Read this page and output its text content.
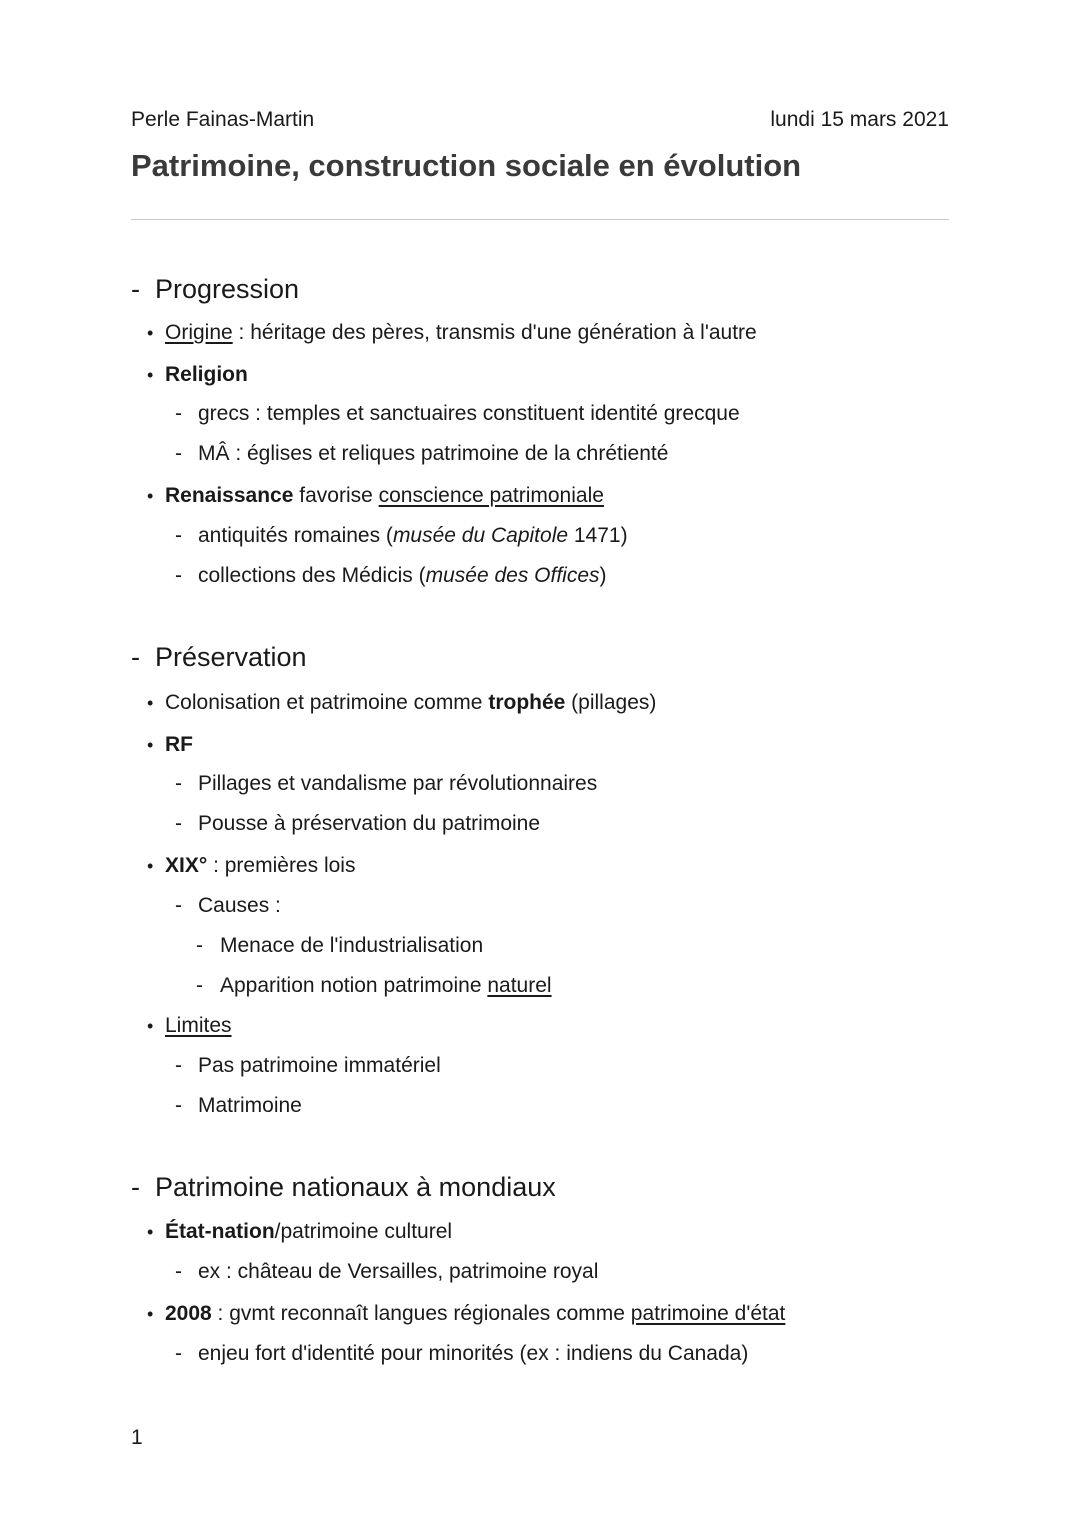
Perle Fainas-Martin	lundi 15 mars 2021
Patrimoine, construction sociale en évolution
- Progression
• Origine : héritage des pères, transmis d'une génération à l'autre
• Religion
- grecs : temples et sanctuaires constituent identité grecque
- MÂ : églises et reliques patrimoine de la chrétienté
• Renaissance favorise conscience patrimoniale
- antiquités romaines (musée du Capitole 1471)
- collections des Médicis (musée des Offices)
- Préservation
• Colonisation et patrimoine comme trophée (pillages)
• RF
- Pillages et vandalisme par révolutionnaires
- Pousse à préservation du patrimoine
• XIX° : premières lois
- Causes :
- Menace de l'industrialisation
- Apparition notion patrimoine naturel
• Limites
- Pas patrimoine immatériel
- Matrimoine
- Patrimoine nationaux à mondiaux
• État-nation/patrimoine culturel
- ex : château de Versailles, patrimoine royal
• 2008 : gvmt reconnaît langues régionales comme patrimoine d'état
- enjeu fort d'identité pour minorités (ex : indiens du Canada)
1
